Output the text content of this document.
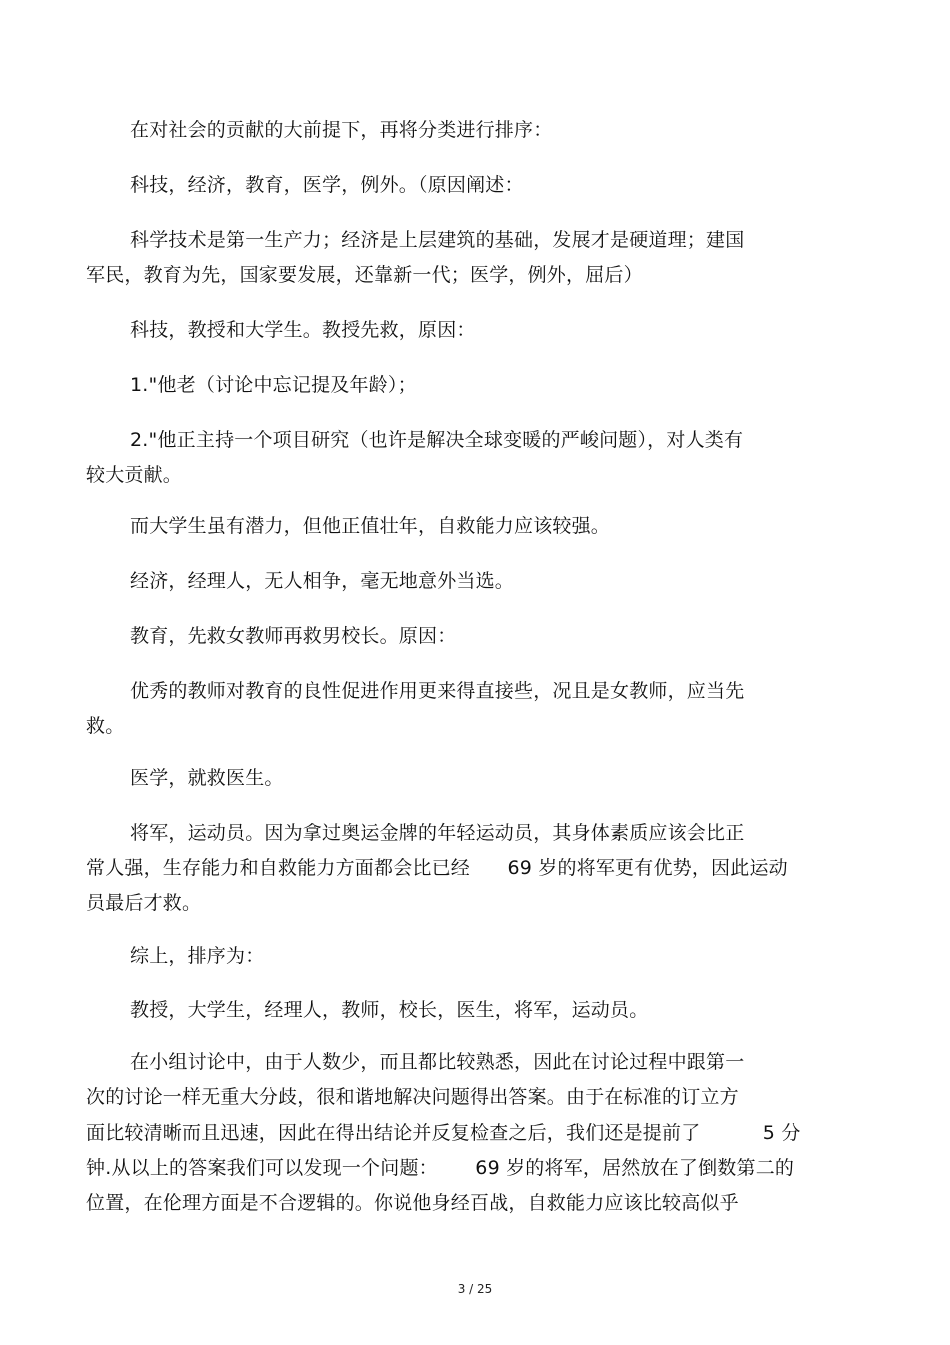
在对社会的贡献的大前提下，再将分类进行排序：
科技，经济，教育，医学，例外。（原因阐述：
科学技术是第一生产力；经济是上层建筑的基础，发展才是硬道理；建国
军民，教育为先，国家要发展，还靠新一代；医学，例外，屈后）
科技，教授和大学生。教授先救，原因：
1."他老（讨论中忘记提及年龄）；
2."他正主持一个项目研究（也许是解决全球变暖的严峻问题），对人类有
较大贡献。
而大学生虽有潜力，但他正值壮年，自救能力应该较强。
经济，经理人，无人相争，毫无地意外当选。
教育，先救女教师再救男校长。原因：
优秀的教师对教育的良性促进作用更来得直接些，况且是女教师，应当先
救。
医学，就救医生。
将军，运动员。因为拿过奥运金牌的年轻运动员，其身体素质应该会比正
常人强，生存能力和自救能力方面都会比已经      69 岁的将军更有优势，因此运动
员最后才救。
综上，排序为：
教授，大学生，经理人，教师，校长，医生，将军，运动员。
在小组讨论中，由于人数少，而且都比较熟悉，因此在讨论过程中跟第一
次的讨论一样无重大分歧，很和谐地解决问题得出答案。由于在标准的订立方
面比较清晰而且迅速，因此在得出结论并反复检查之后，我们还是提前了          5 分
钟.从以上的答案我们可以发现一个问题：      69 岁的将军，居然放在了倒数第二的
位置，在伦理方面是不合逻辑的。你说他身经百战，自救能力应该比较高似乎
3 / 25
